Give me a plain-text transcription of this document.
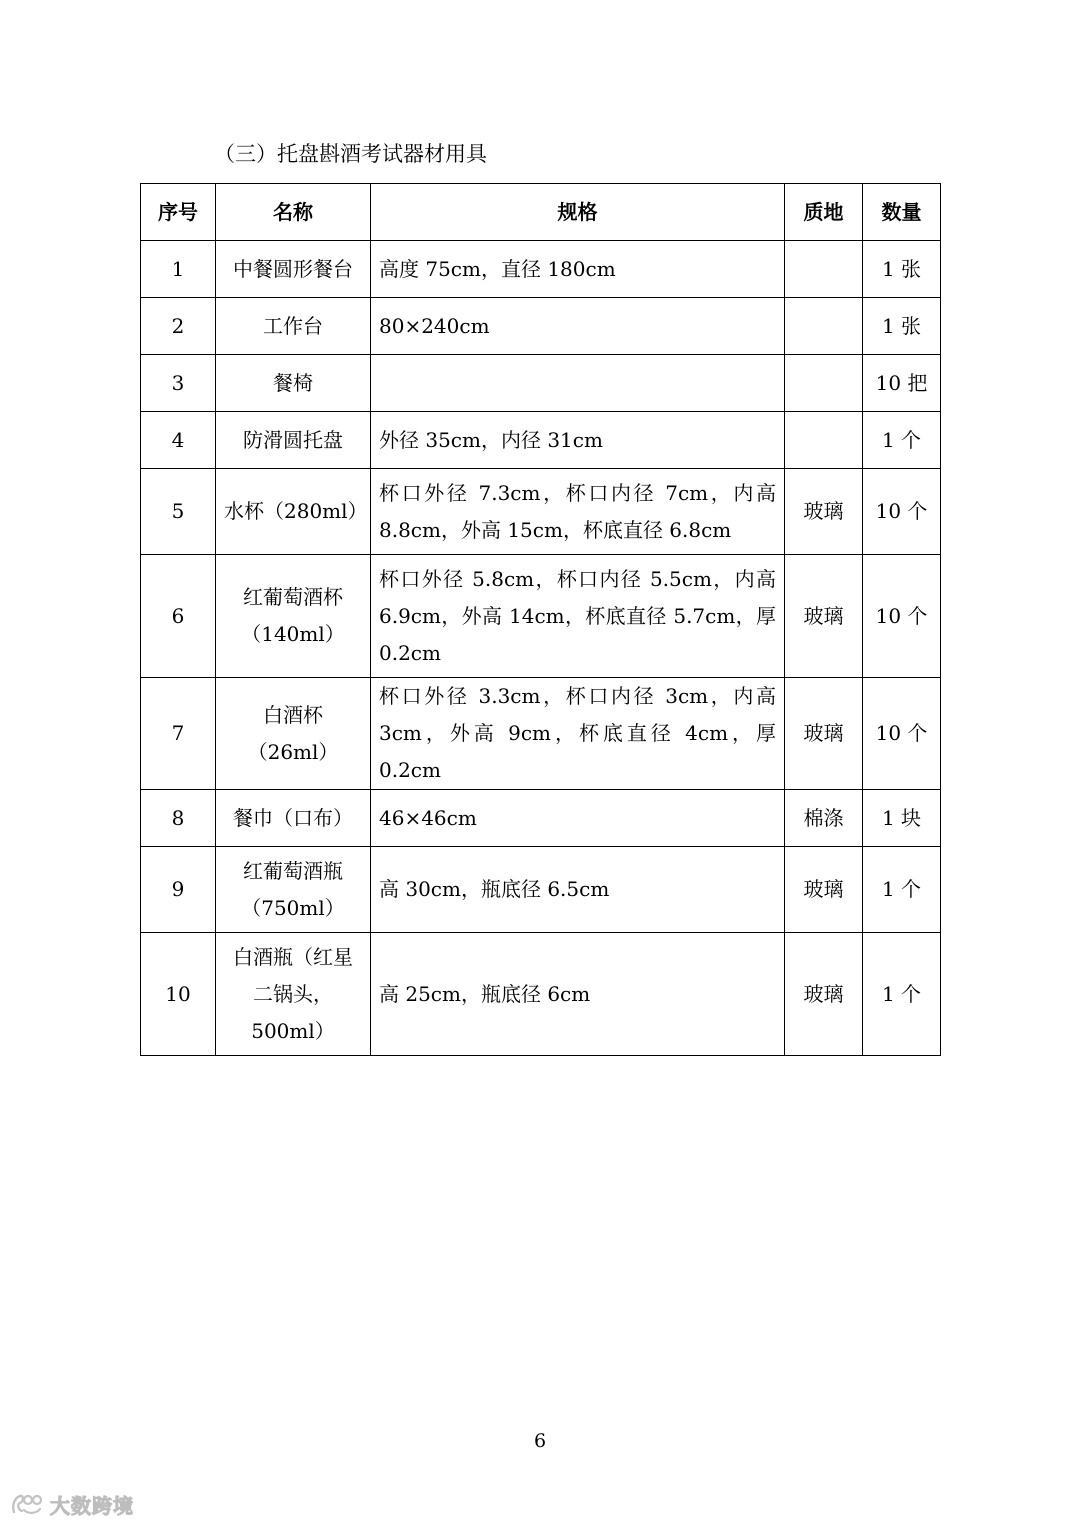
（三）托盘斟酒考试器材用具
序号	名称	规格	质地	数量
1	中餐圆形餐台	高度 75cm，直径 180cm		1 张
2	工作台	80×240cm		1 张
3	餐椅			10 把
4	防滑圆托盘	外径 35cm，内径 31cm		1 个
5	水杯（280ml）	杯口外径 7.3cm，杯口内径 7cm，内高 8.8cm，外高 15cm，杯底直径 6.8cm	玻璃	10 个
6	红葡萄酒杯（140ml）	杯口外径 5.8cm，杯口内径 5.5cm，内高 6.9cm，外高 14cm，杯底直径 5.7cm，厚 0.2cm	玻璃	10 个
7	白酒杯（26ml）	杯口外径 3.3cm，杯口内径 3cm，内高 3cm，外高 9cm，杯底直径 4cm，厚 0.2cm	玻璃	10 个
8	餐巾（口布）	46×46cm	棉涤	1 块
9	红葡萄酒瓶（750ml）	高 30cm，瓶底径 6.5cm	玻璃	1 个
10	白酒瓶（红星二锅头，500ml）	高 25cm，瓶底径 6cm	玻璃	1 个
6
大数跨境
